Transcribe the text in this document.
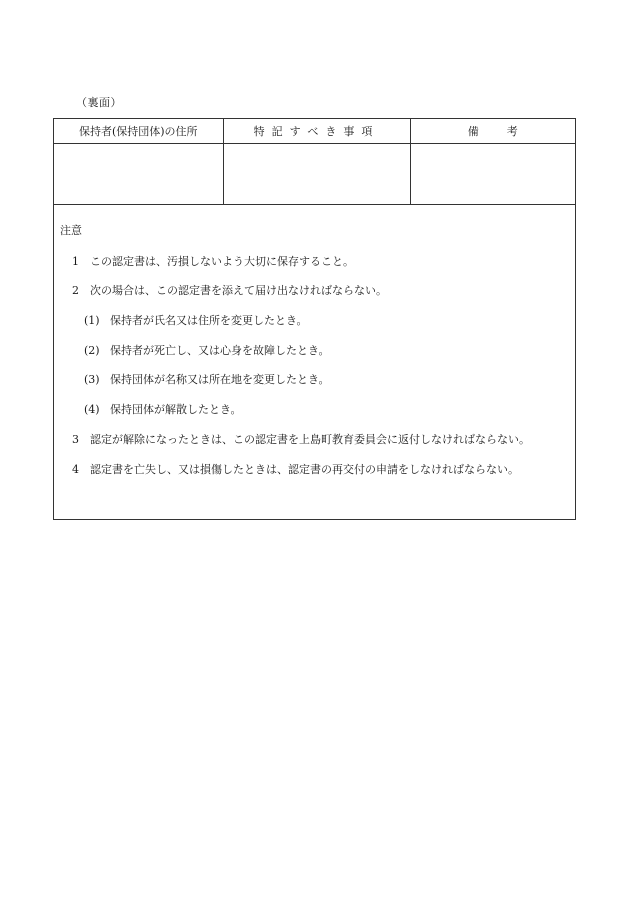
（裏面）
保持者(保持団体)の住所	特記すべき事項	備考

注意
1 この認定書は、汚損しないよう大切に保存すること。
2 次の場合は、この認定書を添えて届け出なければならない。
(1) 保持者が氏名又は住所を変更したとき。
(2) 保持者が死亡し、又は心身を故障したとき。
(3) 保持団体が名称又は所在地を変更したとき。
(4) 保持団体が解散したとき。
3 認定が解除になったときは、この認定書を上島町教育委員会に返付しなければならない。
4 認定書を亡失し、又は損傷したときは、認定書の再交付の申請をしなければならない。
